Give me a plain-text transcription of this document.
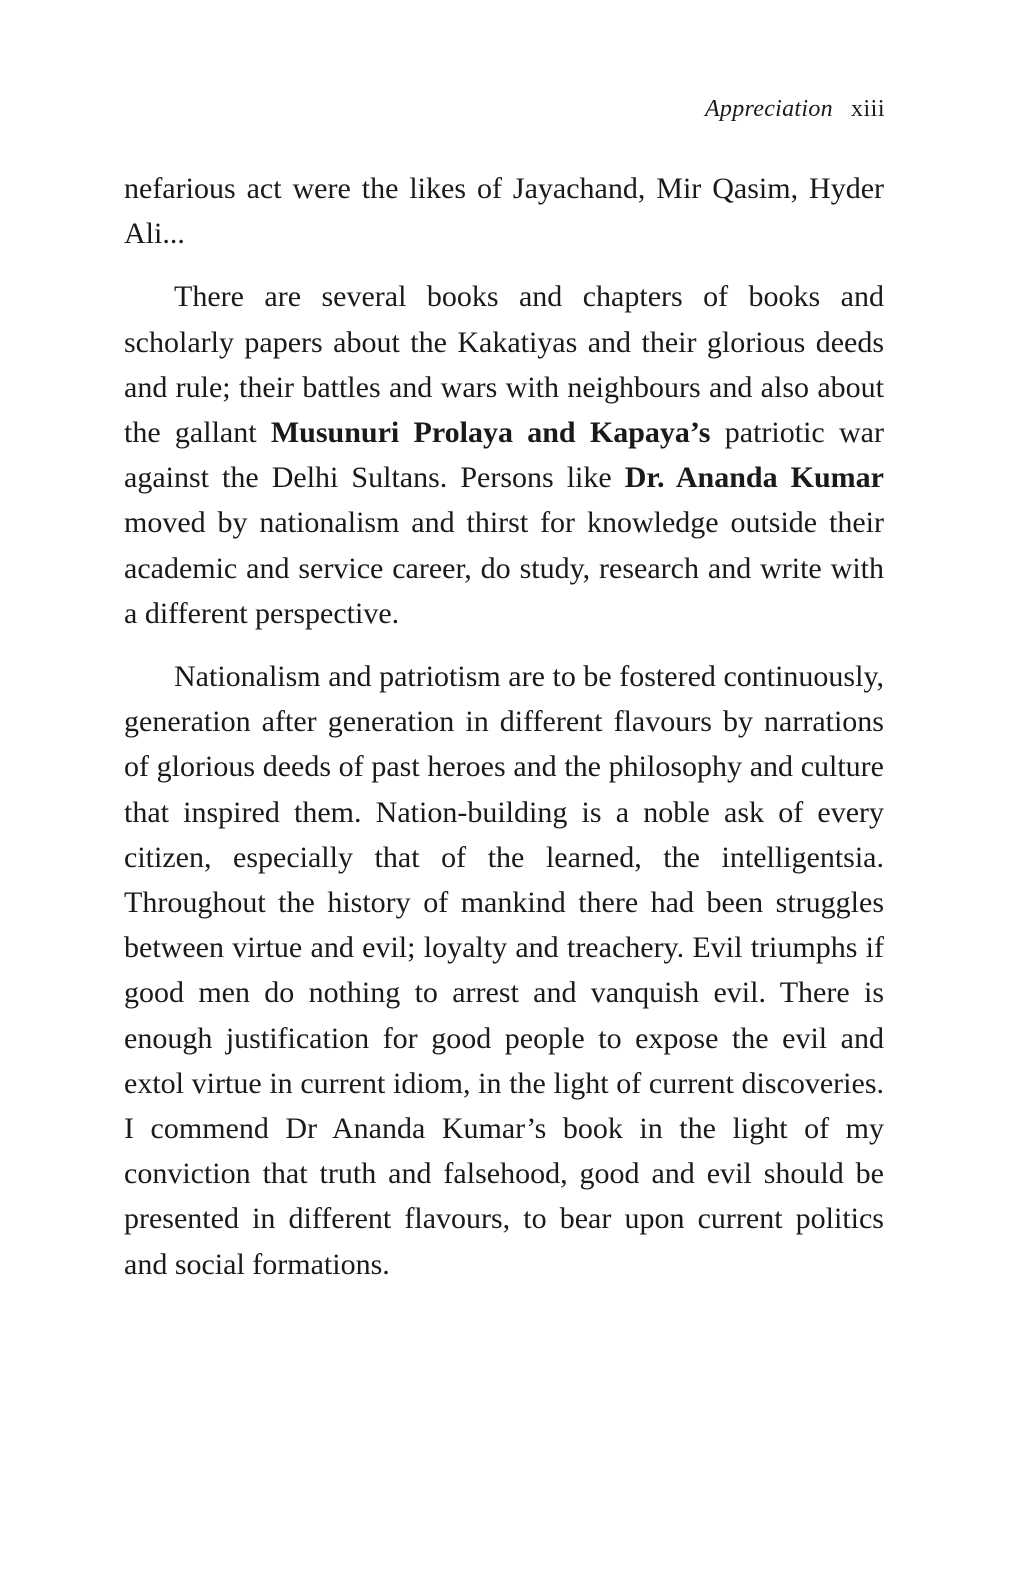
Appreciation xiii

nefarious act were the likes of Jayachand, Mir Qasim, Hyder Ali...

There are several books and chapters of books and scholarly papers about the Kakatiyas and their glorious deeds and rule; their battles and wars with neighbours and also about the gallant Musunuri Prolaya and Kapaya’s patriotic war against the Delhi Sultans. Persons like Dr. Ananda Kumar moved by nationalism and thirst for knowledge outside their academic and service career, do study, research and write with a different perspective.

Nationalism and patriotism are to be fostered continuously, generation after generation in different flavours by narrations of glorious deeds of past heroes and the philosophy and culture that inspired them. Nation-building is a noble ask of every citizen, especially that of the learned, the intelligentsia. Throughout the history of mankind there had been struggles between virtue and evil; loyalty and treachery. Evil triumphs if good men do nothing to arrest and vanquish evil. There is enough justification for good people to expose the evil and extol virtue in current idiom, in the light of current discoveries. I commend Dr Ananda Kumar’s book in the light of my conviction that truth and falsehood, good and evil should be presented in different flavours, to bear upon current politics and social formations.
